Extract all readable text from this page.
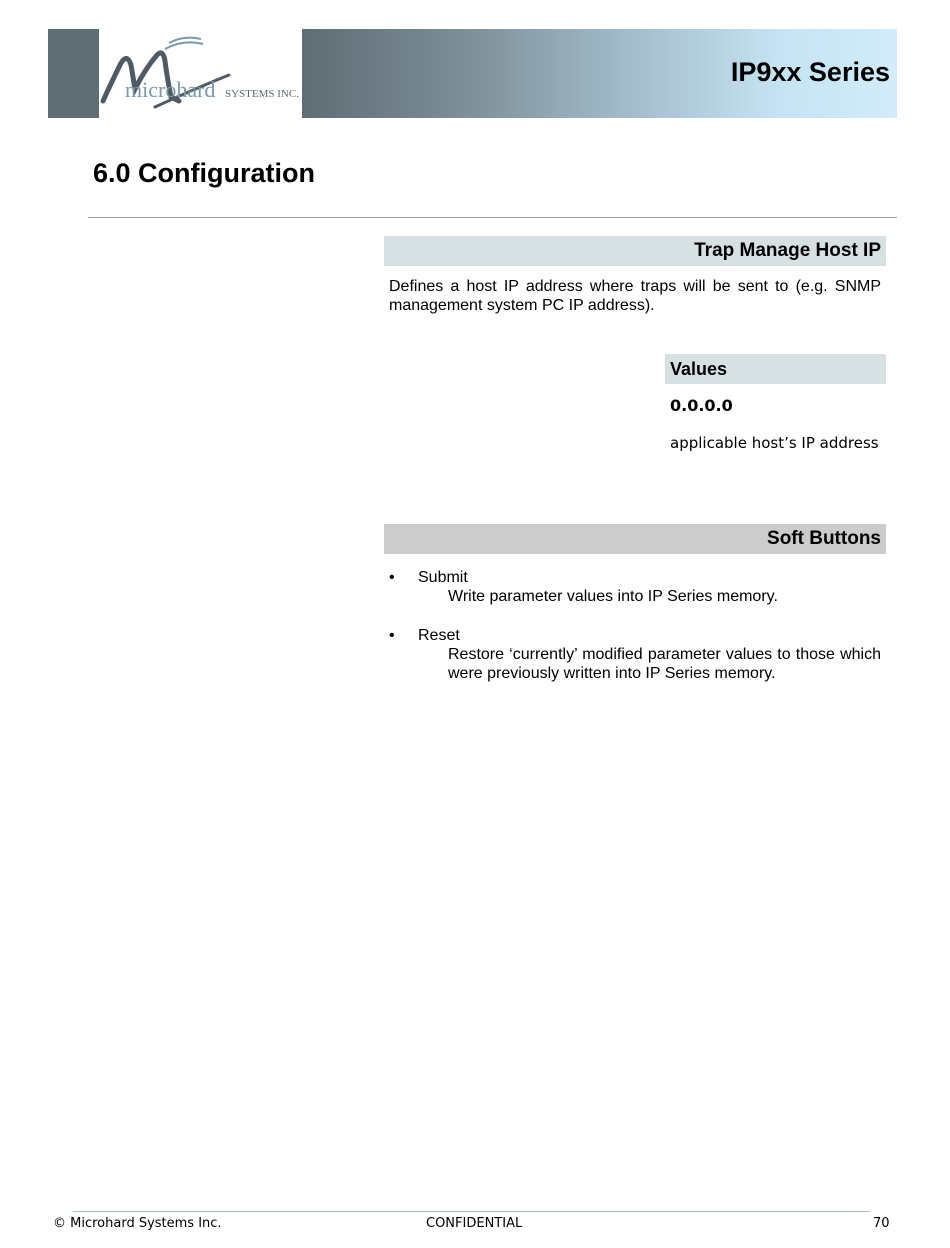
microhard SYSTEMS INC.
IP9xx Series
6.0 Configuration
Trap Manage Host IP
Defines a host IP address where traps will be sent to (e.g. SNMP management system PC IP address).
Values
0.0.0.0
applicable host’s IP address
Soft Buttons
• Submit
Write parameter values into IP Series memory.
• Reset
Restore ‘currently’ modified parameter values to those which were previously written into IP Series memory.
© Microhard Systems Inc.	CONFIDENTIAL	70
